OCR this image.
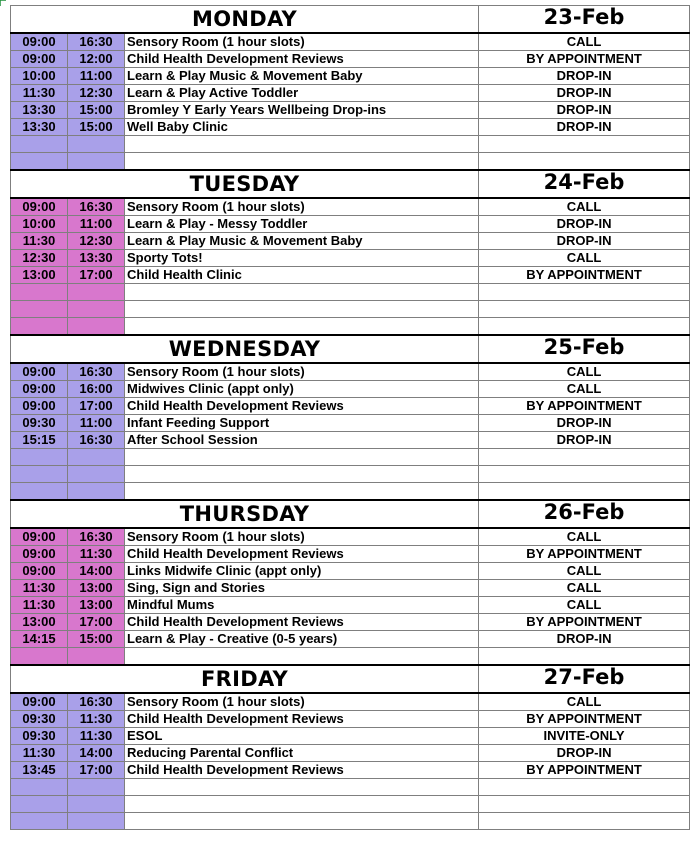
MONDAY			23-Feb
09:00	16:30	Sensory Room (1 hour slots)	CALL
09:00	12:00	Child Health Development Reviews	BY APPOINTMENT
10:00	11:00	Learn & Play Music & Movement Baby	DROP-IN
11:30	12:30	Learn & Play Active Toddler	DROP-IN
13:30	15:00	Bromley Y Early Years Wellbeing Drop-ins	DROP-IN
13:30	15:00	Well Baby Clinic	DROP-IN

TUESDAY			24-Feb
09:00	16:30	Sensory Room (1 hour slots)	CALL
10:00	11:00	Learn & Play - Messy Toddler	DROP-IN
11:30	12:30	Learn & Play Music & Movement Baby	DROP-IN
12:30	13:30	Sporty Tots!	CALL
13:00	17:00	Child Health Clinic	BY APPOINTMENT

WEDNESDAY			25-Feb
09:00	16:30	Sensory Room (1 hour slots)	CALL
09:00	16:00	Midwives Clinic (appt only)	CALL
09:00	17:00	Child Health Development Reviews	BY APPOINTMENT
09:30	11:00	Infant Feeding Support	DROP-IN
15:15	16:30	After School Session	DROP-IN

THURSDAY			26-Feb
09:00	16:30	Sensory Room (1 hour slots)	CALL
09:00	11:30	Child Health Development Reviews	BY APPOINTMENT
09:00	14:00	Links Midwife Clinic (appt only)	CALL
11:30	13:00	Sing, Sign and Stories	CALL
11:30	13:00	Mindful Mums	CALL
13:00	17:00	Child Health Development Reviews	BY APPOINTMENT
14:15	15:00	Learn & Play - Creative (0-5 years)	DROP-IN

FRIDAY			27-Feb
09:00	16:30	Sensory Room (1 hour slots)	CALL
09:30	11:30	Child Health Development Reviews	BY APPOINTMENT
09:30	11:30	ESOL	INVITE-ONLY
11:30	14:00	Reducing Parental Conflict	DROP-IN
13:45	17:00	Child Health Development Reviews	BY APPOINTMENT
